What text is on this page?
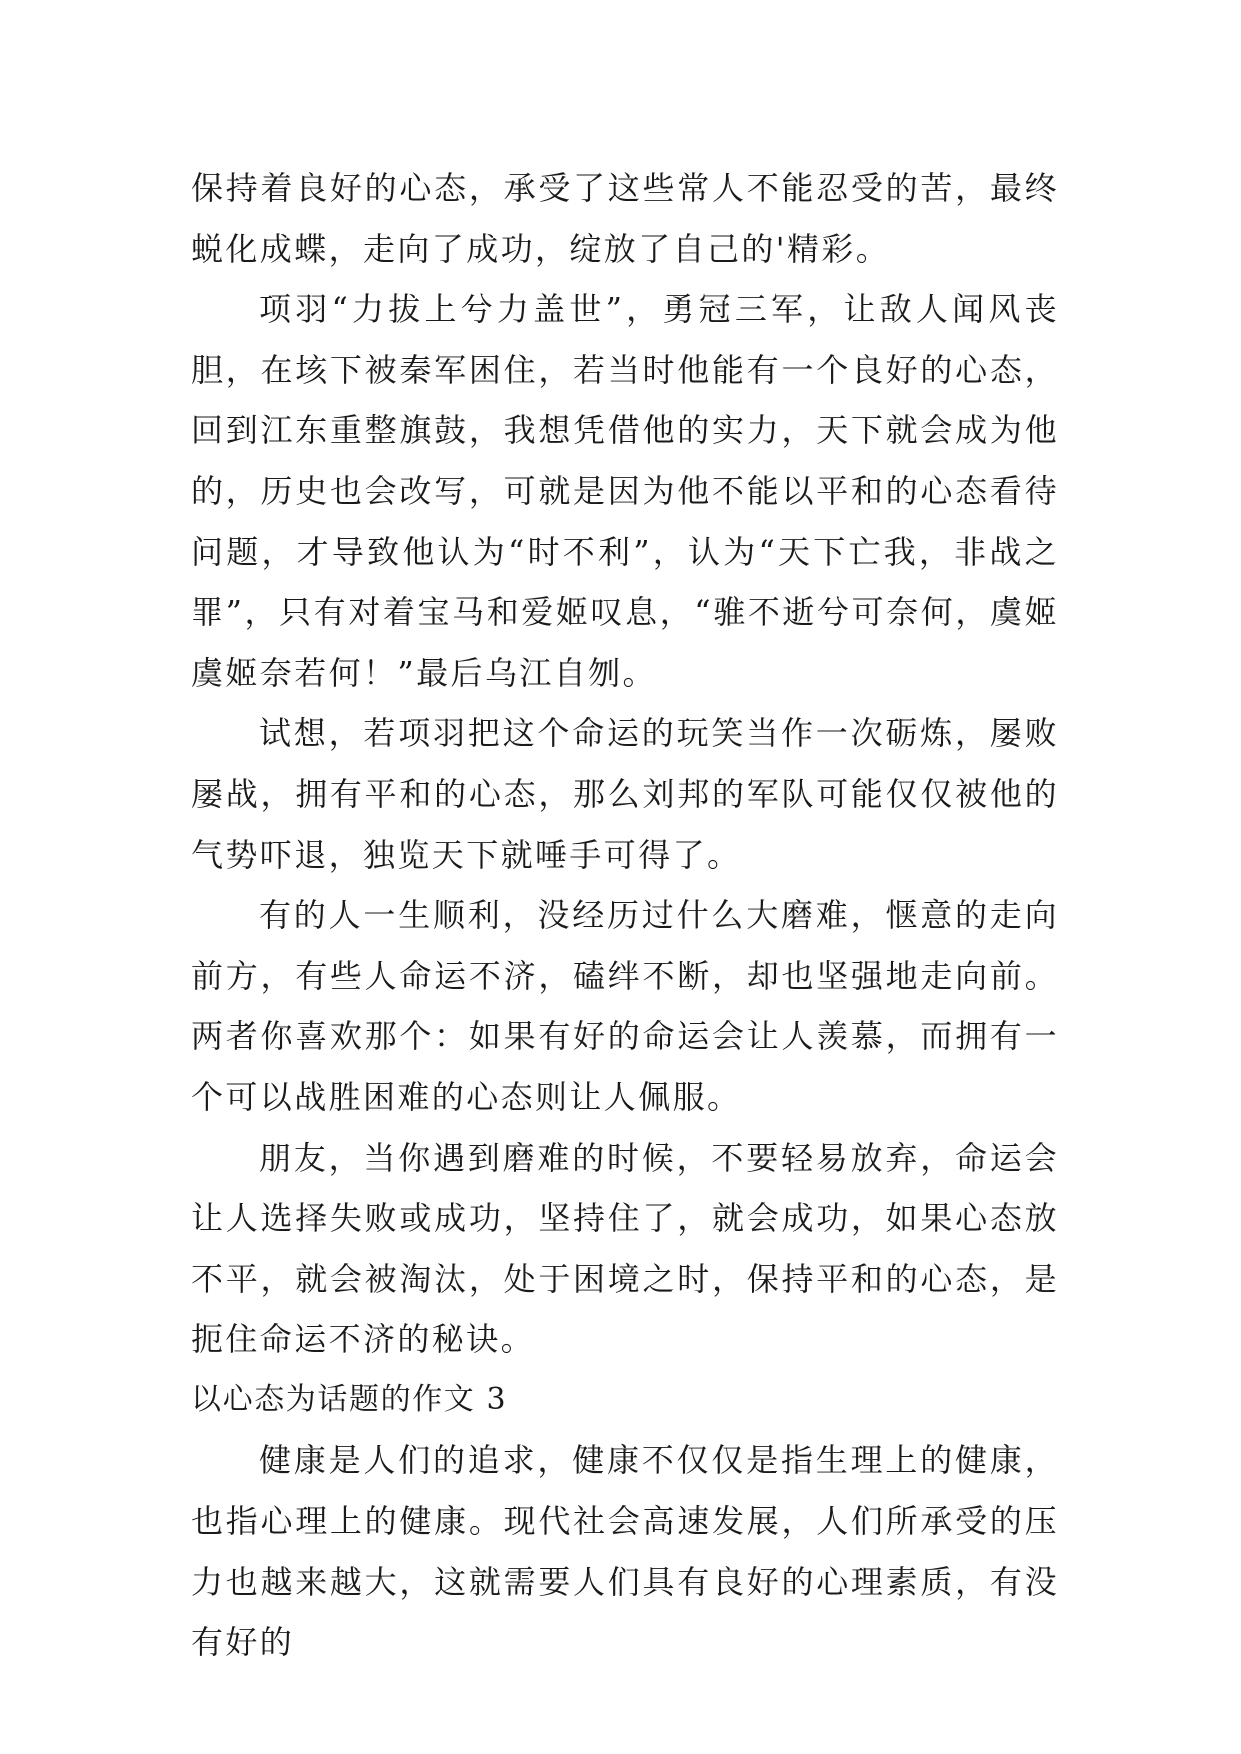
保持着良好的心态，承受了这些常人不能忍受的苦，最终蜕化成蝶，走向了成功，绽放了自己的'精彩。

项羽“力拔上兮力盖世”，勇冠三军，让敌人闻风丧胆，在垓下被秦军困住，若当时他能有一个良好的心态，回到江东重整旗鼓，我想凭借他的实力，天下就会成为他的，历史也会改写，可就是因为他不能以平和的心态看待问题，才导致他认为“时不利”，认为“天下亡我，非战之罪”，只有对着宝马和爱姬叹息，“骓不逝兮可奈何，虞姬虞姬奈若何！”最后乌江自刎。

试想，若项羽把这个命运的玩笑当作一次砺炼，屡败屡战，拥有平和的心态，那么刘邦的军队可能仅仅被他的气势吓退，独览天下就唾手可得了。

有的人一生顺利，没经历过什么大磨难，惬意的走向前方，有些人命运不济，磕绊不断，却也坚强地走向前。两者你喜欢那个：如果有好的命运会让人羡慕，而拥有一个可以战胜困难的心态则让人佩服。

朋友，当你遇到磨难的时候，不要轻易放弃，命运会让人选择失败或成功，坚持住了，就会成功，如果心态放不平，就会被淘汰，处于困境之时，保持平和的心态，是扼住命运不济的秘诀。

以心态为话题的作文 3

健康是人们的追求，健康不仅仅是指生理上的健康，也指心理上的健康。现代社会高速发展，人们所承受的压力也越来越大，这就需要人们具有良好的心理素质，有没有好的
